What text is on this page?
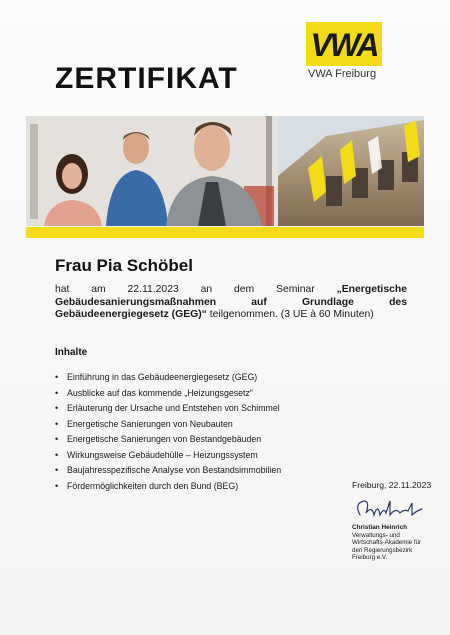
VWA
VWA Freiburg
ZERTIFIKAT
Frau Pia Schöbel
hat am 22.11.2023 an dem Seminar „Energetische Gebäudesanierungsmaßnahmen auf Grundlage des Gebäudeenergiegesetz (GEG)“ teilgenommen. (3 UE à 60 Minuten)
Inhalte
• Einführung in das Gebäudeenergiegesetz (GEG)
• Ausblicke auf das kommende „Heizungsgesetz“
• Erläuterung der Ursache und Entstehen von Schimmel
• Energetische Sanierungen von Neubauten
• Energetische Sanierungen von Bestandgebäuden
• Wirkungsweise Gebäudehülle – Heizungssystem
• Baujahresspezifische Analyse von Bestandsimmobilien
• Fördermöglichkeiten durch den Bund (BEG)	Freiburg, 22.11.2023
Christian Heinrich
Verwaltungs- und
Wirtschafts-Akademie für
den Regierungsbezirk
Freiburg e.V.
